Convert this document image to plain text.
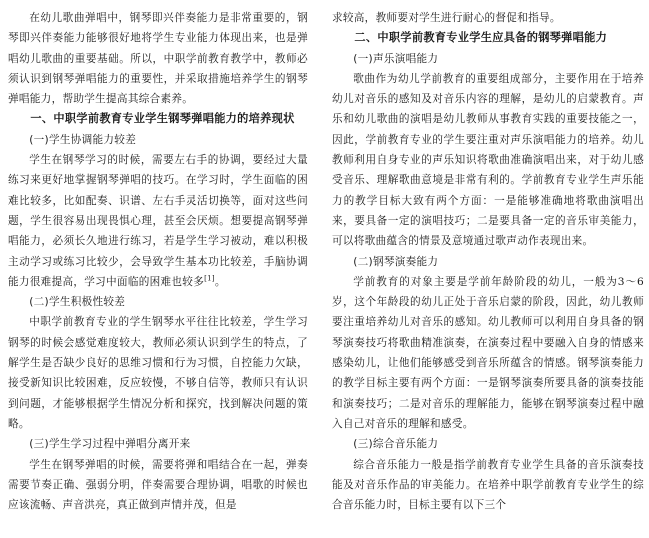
在幼儿歌曲弹唱中，钢琴即兴伴奏能力是非常重要的，钢琴即兴伴奏能力能够很好地将学生专业能力体现出来，也是弹唱幼儿歌曲的重要基础。所以，中职学前教育教学中，教师必须认识到钢琴弹唱能力的重要性，并采取措施培养学生的钢琴弹唱能力，帮助学生提高其综合素养。

一、中职学前教育专业学生钢琴弹唱能力的培养现状
(一)学生协调能力较差

学生在钢琴学习的时候，需要左右手的协调，要经过大量练习来更好地掌握钢琴弹唱的技巧。在学习时，学生面临的困难比较多，比如配奏、识谱、左右手灵活切换等，面对这些问题，学生很容易出现畏惧心理，甚至会厌烦。想要提高钢琴弹唱能力，必须长久地进行练习，若是学生学习被动，难以积极主动学习或练习比较少，会导致学生基本功比较差，手脑协调能力很难提高，学习中面临的困难也较多[1]。

(二)学生积极性较差

中职学前教育专业的学生钢琴水平往往比较差，学生学习钢琴的时候会感觉难度较大，教师必须认识到学生的特点，了解学生是否缺少良好的思维习惯和行为习惯，自控能力欠缺，接受新知识比较困难，反应较慢，不够自信等，教师只有认识到问题，才能够根据学生情况分析和探究，找到解决问题的策略。

(三)学生学习过程中弹唱分离开来

学生在钢琴弹唱的时候，需要将弹和唱结合在一起，弹奏需要节奏正确、强弱分明，伴奏需要合理协调，唱歌的时候也应该流畅、声音洪亮，真正做到声情并茂，但是

求较高，教师要对学生进行耐心的督促和指导。

二、中职学前教育专业学生应具备的钢琴弹唱能力
(一)声乐演唱能力

歌曲作为幼儿学前教育的重要组成部分，主要作用在于培养幼儿对音乐的感知及对音乐内容的理解，是幼儿的启蒙教育。声乐和幼儿歌曲的演唱是幼儿教师从事教育实践的重要技能之一，因此，学前教育专业的学生要注重对声乐演唱能力的培养。幼儿教师利用自身专业的声乐知识将歌曲准确演唱出来，对于幼儿感受音乐、理解歌曲意境是非常有利的。学前教育专业学生声乐能力的教学目标大致有两个方面：一是能够准确地将歌曲演唱出来，要具备一定的演唱技巧；二是要具备一定的音乐审美能力，可以将歌曲蕴含的情景及意境通过歌声动作表现出来。

(二)钢琴演奏能力

学前教育的对象主要是学前年龄阶段的幼儿，一般为3～6岁，这个年龄段的幼儿正处于音乐启蒙的阶段，因此，幼儿教师要注重培养幼儿对音乐的感知。幼儿教师可以利用自身具备的钢琴演奏技巧将歌曲精准演奏，在演奏过程中要融入自身的情感来感染幼儿，让他们能够感受到音乐所蕴含的情感。钢琴演奏能力的教学目标主要有两个方面：一是钢琴演奏所要具备的演奏技能和演奏技巧；二是对音乐的理解能力，能够在钢琴演奏过程中融入自己对音乐的理解和感受。

(三)综合音乐能力

综合音乐能力一般是指学前教育专业学生具备的音乐演奏技能及对音乐作品的审美能力。在培养中职学前教育专业学生的综合音乐能力时，目标主要有以下三个
